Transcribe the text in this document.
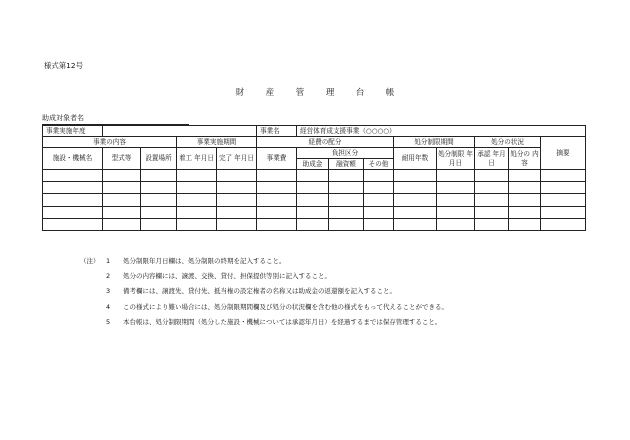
様式第12号
財 産 管 理 台 帳
助成対象者名
事業実施年度					事業名	経営体育成支援事業（○○○○）							
事業の内容			事業実施期間		経費の配分				処分制限期間		処分の状況		摘要
施設・機械名	型式等	設置場所	着工 年月日	完了 年月日	事業費	負担区分			耐用年数	処分制限 年月日	承認 年月日	処分の 内 容	
						助成金	融資額	その他					

（注）	1	処分制限年月日欄は、処分制限の終期を記入すること。
2	処分の内容欄には、譲渡、交換、貸付、担保提供等別に記入すること。
3	備考欄には、譲渡先、貸付先、抵当権の設定権者の名称又は助成金の返還額を記入すること。
4	この様式により難い場合には、処分制限期間欄及び処分の状況欄を含む他の様式をもって代えることができる。
5	本台帳は、処分制限期間（処分した施設・機械については承認年月日）を経過するまでは保存管理すること。
